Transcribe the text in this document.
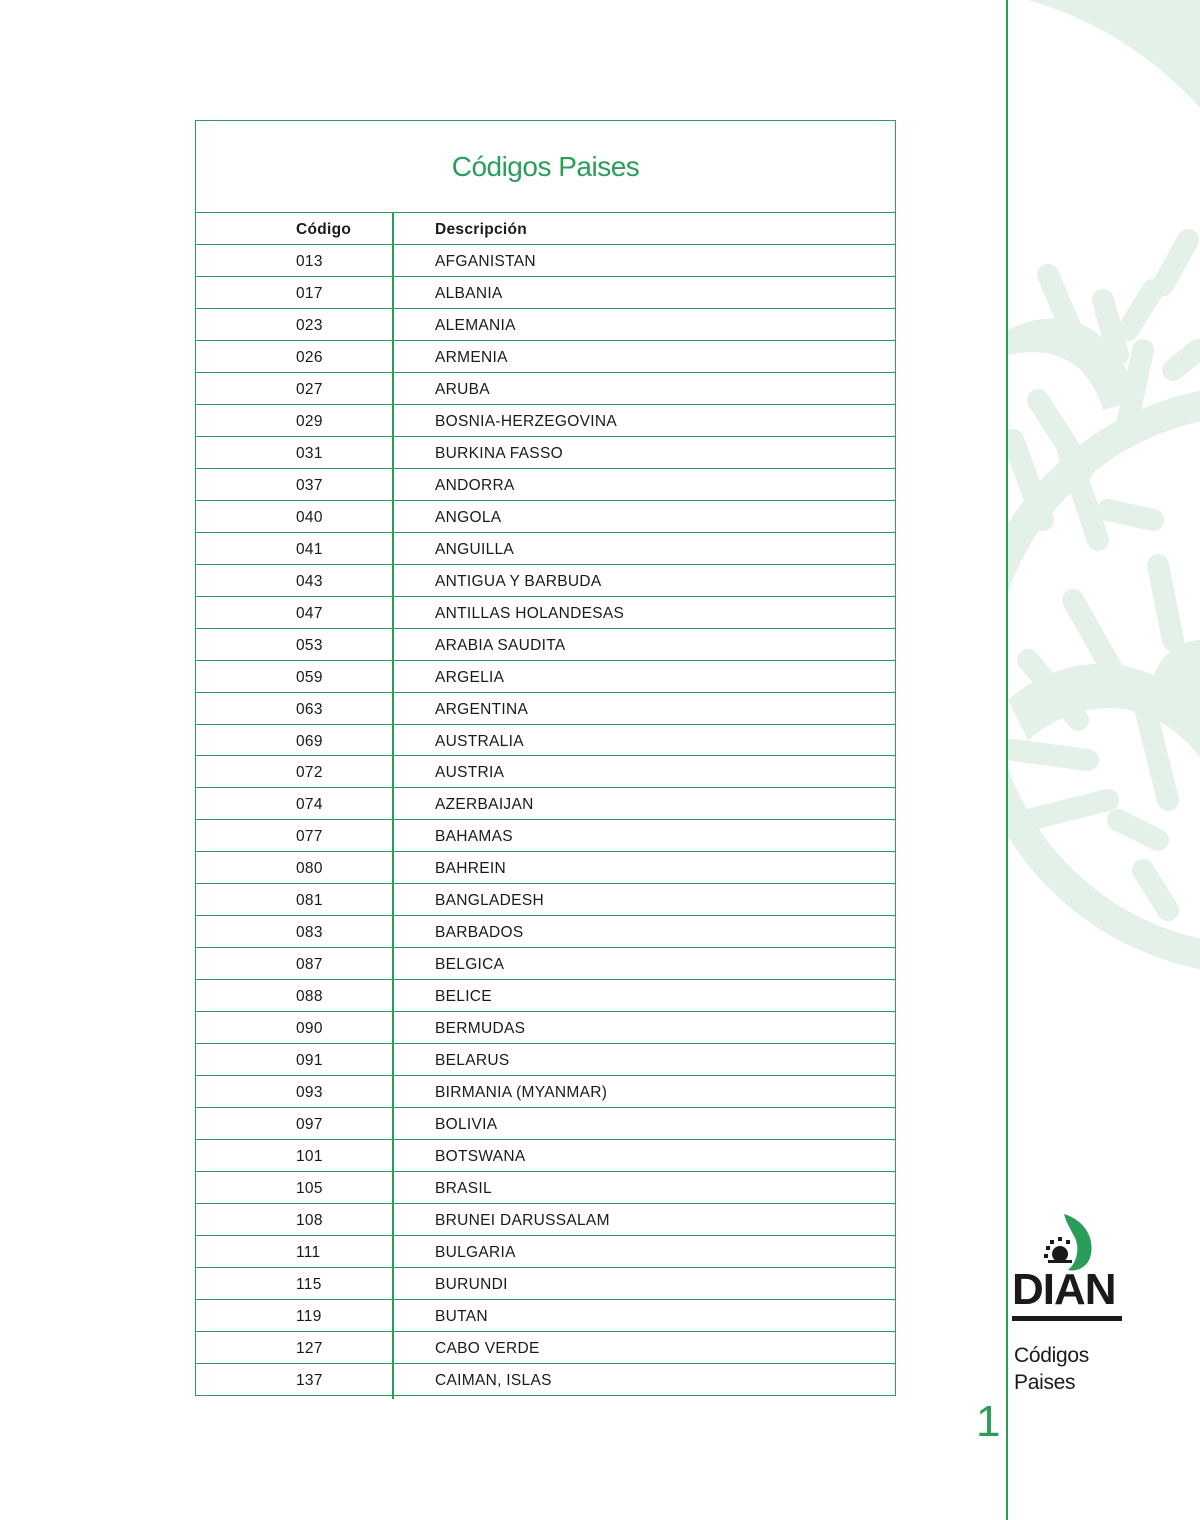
Códigos Paises
Código	Descripción
013	AFGANISTAN
017	ALBANIA
023	ALEMANIA
026	ARMENIA
027	ARUBA
029	BOSNIA-HERZEGOVINA
031	BURKINA FASSO
037	ANDORRA
040	ANGOLA
041	ANGUILLA
043	ANTIGUA Y BARBUDA
047	ANTILLAS HOLANDESAS
053	ARABIA SAUDITA
059	ARGELIA
063	ARGENTINA
069	AUSTRALIA
072	AUSTRIA
074	AZERBAIJAN
077	BAHAMAS
080	BAHREIN
081	BANGLADESH
083	BARBADOS
087	BELGICA
088	BELICE
090	BERMUDAS
091	BELARUS
093	BIRMANIA (MYANMAR)
097	BOLIVIA
101	BOTSWANA
105	BRASIL
108	BRUNEI DARUSSALAM
111	BULGARIA
115	BURUNDI
119	BUTAN
127	CABO VERDE
137	CAIMAN, ISLAS
1
DIAN
Códigos
Paises
